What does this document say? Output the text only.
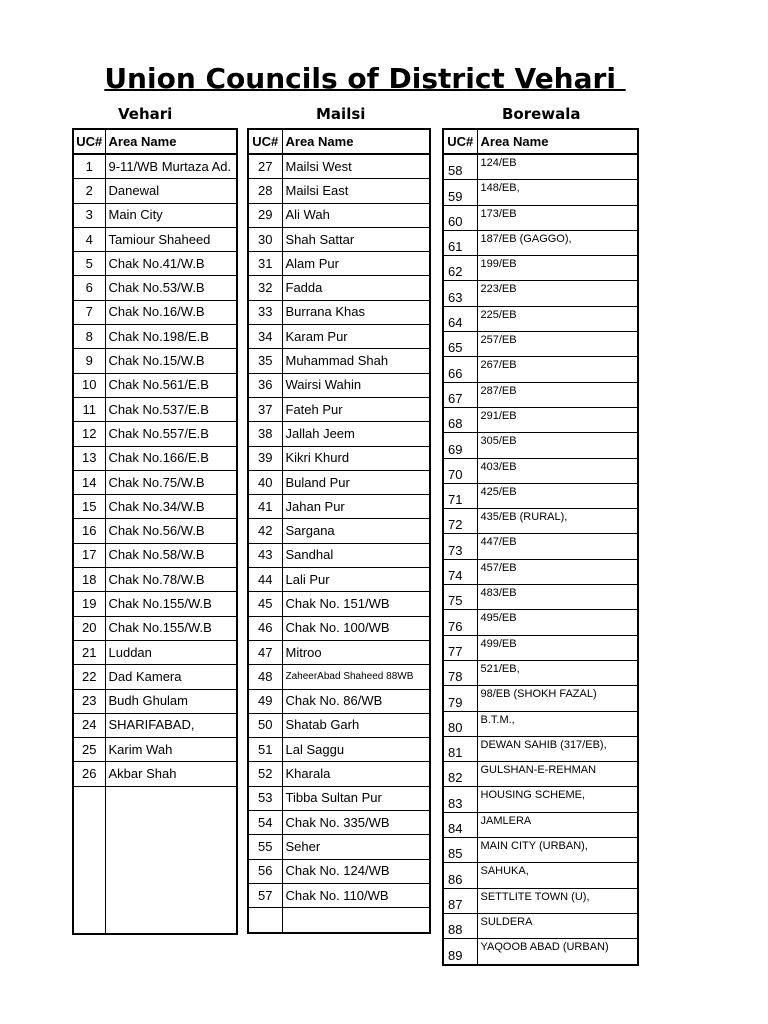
Union Councils of District Vehari
Vehari	Mailsi	Borewala
UC#	Area Name
1	9-11/WB Murtaza Ad.
2	Danewal
3	Main City
4	Tamiour Shaheed
5	Chak No.41/W.B
6	Chak No.53/W.B
7	Chak No.16/W.B
8	Chak No.198/E.B
9	Chak No.15/W.B
10	Chak No.561/E.B
11	Chak No.537/E.B
12	Chak No.557/E.B
13	Chak No.166/E.B
14	Chak No.75/W.B
15	Chak No.34/W.B
16	Chak No.56/W.B
17	Chak No.58/W.B
18	Chak No.78/W.B
19	Chak No.155/W.B
20	Chak No.155/W.B
21	Luddan
22	Dad Kamera
23	Budh Ghulam
24	SHARIFABAD,
25	Karim Wah
26	Akbar Shah

UC#	Area Name
27	Mailsi West
28	Mailsi East
29	Ali Wah
30	Shah Sattar
31	Alam Pur
32	Fadda
33	Burrana Khas
34	Karam Pur
35	Muhammad Shah
36	Wairsi Wahin
37	Fateh Pur
38	Jallah Jeem
39	Kikri Khurd
40	Buland Pur
41	Jahan Pur
42	Sargana
43	Sandhal
44	Lali Pur
45	Chak No. 151/WB
46	Chak No. 100/WB
47	Mitroo
48	ZaheerAbad Shaheed 88WB
49	Chak No. 86/WB
50	Shatab Garh
51	Lal Saggu
52	Kharala
53	Tibba Sultan Pur
54	Chak No. 335/WB
55	Seher
56	Chak No. 124/WB
57	Chak No. 110/WB

UC#	Area Name
58	124/EB
59	148/EB,
60	173/EB
61	187/EB (GAGGO),
62	199/EB
63	223/EB
64	225/EB
65	257/EB
66	267/EB
67	287/EB
68	291/EB
69	305/EB
70	403/EB
71	425/EB
72	435/EB (RURAL),
73	447/EB
74	457/EB
75	483/EB
76	495/EB
77	499/EB
78	521/EB,
79	98/EB (SHOKH FAZAL)
80	B.T.M.,
81	DEWAN SAHIB (317/EB),
82	GULSHAN-E-REHMAN
83	HOUSING SCHEME,
84	JAMLERA
85	MAIN CITY (URBAN),
86	SAHUKA,
87	SETTLITE TOWN (U),
88	SULDERA
89	YAQOOB ABAD (URBAN)
